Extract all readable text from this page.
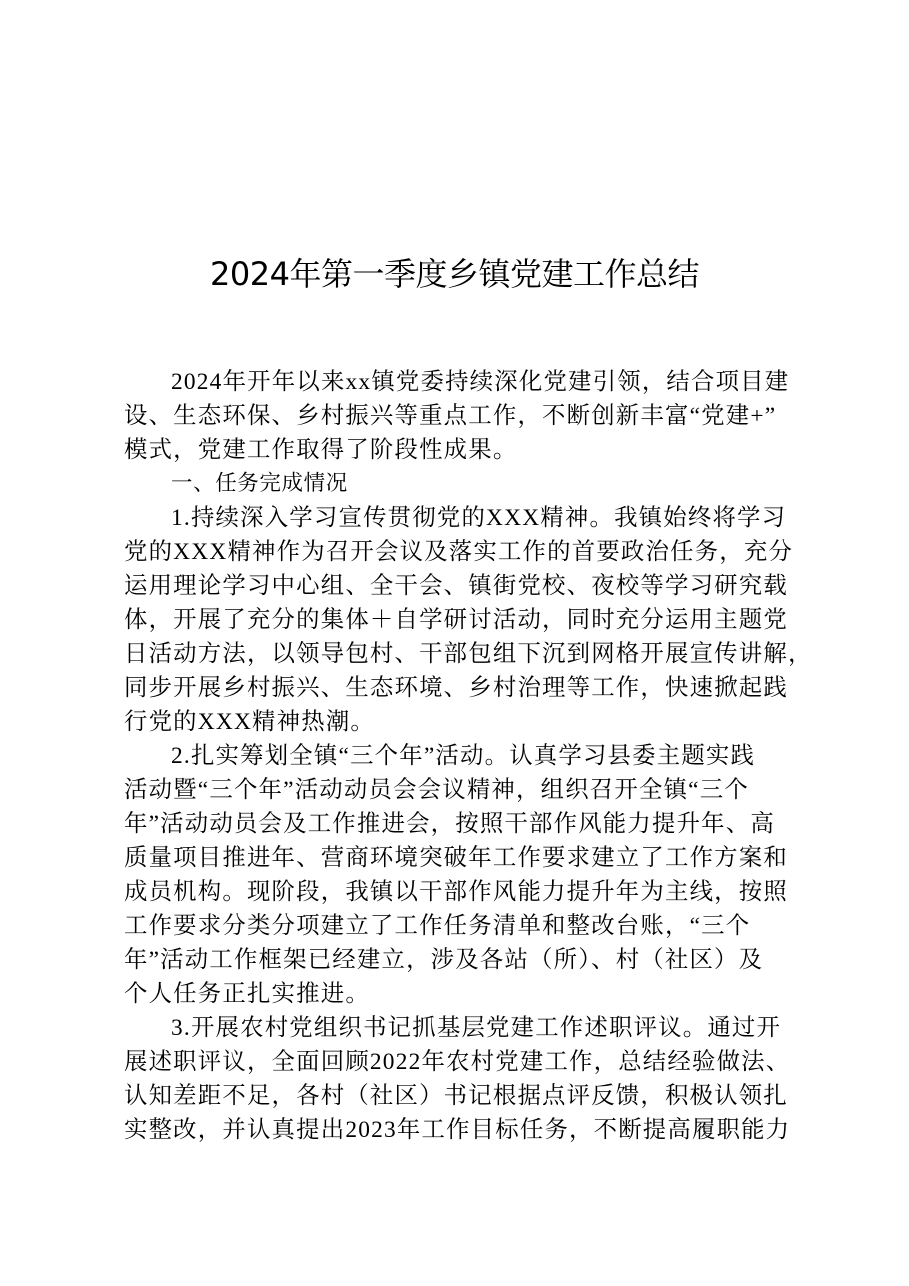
2024年第一季度乡镇党建工作总结
2024年开年以来xx镇党委持续深化党建引领，结合项目建
设、生态环保、乡村振兴等重点工作，不断创新丰富“党建+”
模式，党建工作取得了阶段性成果。
一、任务完成情况
1.持续深入学习宣传贯彻党的XXX精神。我镇始终将学习
党的XXX精神作为召开会议及落实工作的首要政治任务，充分
运用理论学习中心组、全干会、镇街党校、夜校等学习研究载
体，开展了充分的集体＋自学研讨活动，同时充分运用主题党
日活动方法，以领导包村、干部包组下沉到网格开展宣传讲解，
同步开展乡村振兴、生态环境、乡村治理等工作，快速掀起践
行党的XXX精神热潮。
2.扎实筹划全镇“三个年”活动。认真学习县委主题实践
活动暨“三个年”活动动员会会议精神，组织召开全镇“三个
年”活动动员会及工作推进会，按照干部作风能力提升年、高
质量项目推进年、营商环境突破年工作要求建立了工作方案和
成员机构。现阶段，我镇以干部作风能力提升年为主线，按照
工作要求分类分项建立了工作任务清单和整改台账，“三个
年”活动工作框架已经建立，涉及各站（所）、村（社区）及
个人任务正扎实推进。
3.开展农村党组织书记抓基层党建工作述职评议。通过开
展述职评议，全面回顾2022年农村党建工作，总结经验做法、
认知差距不足，各村（社区）书记根据点评反馈，积极认领扎
实整改，并认真提出2023年工作目标任务，不断提高履职能力
